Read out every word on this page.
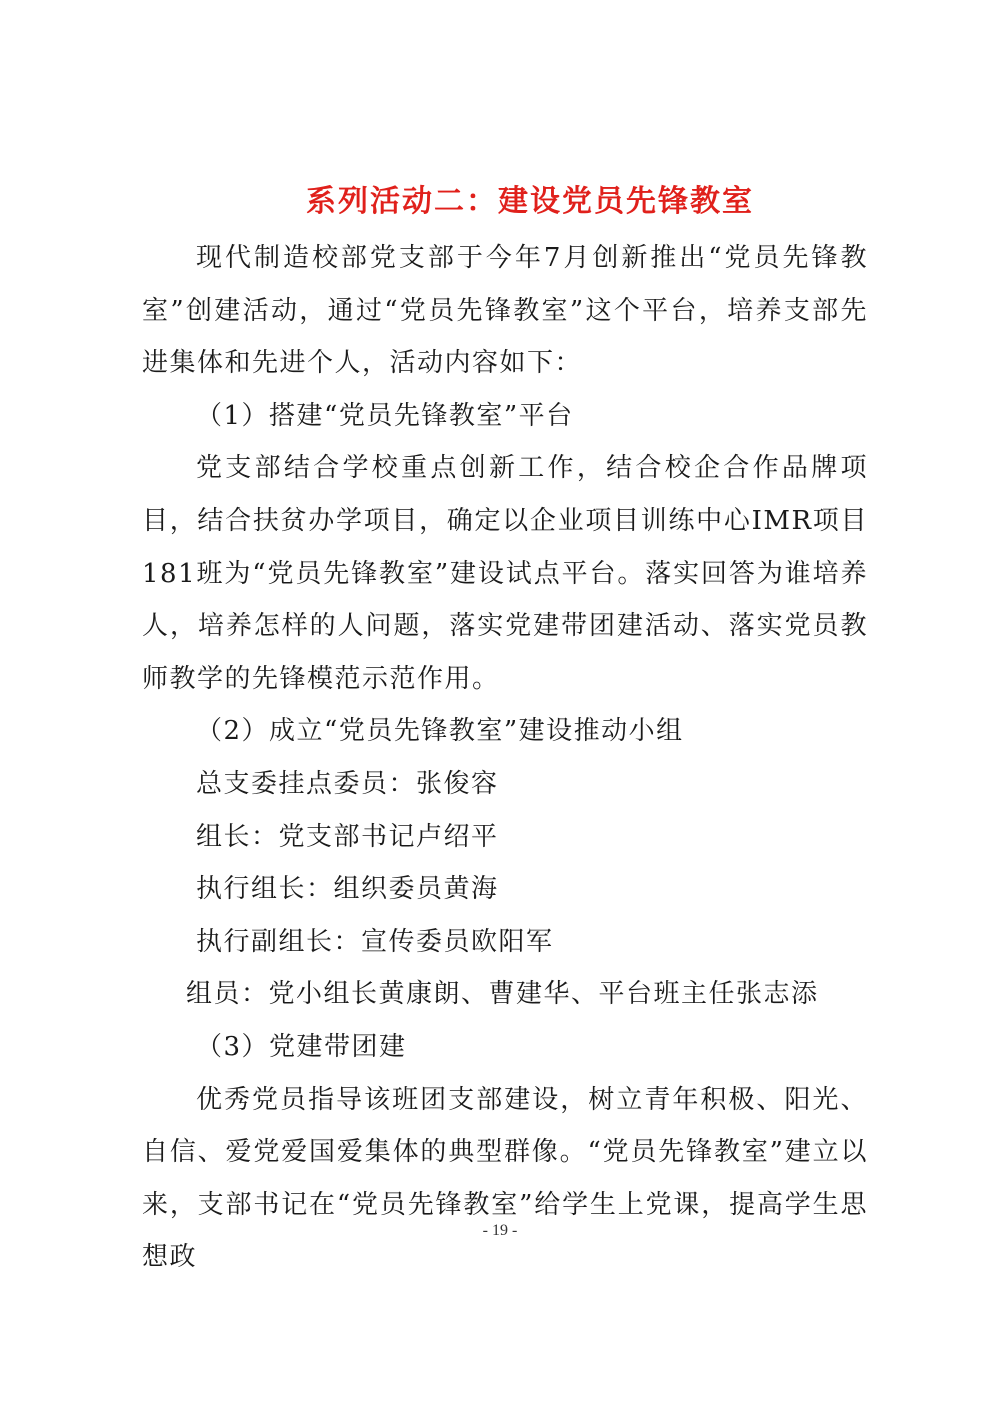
系列活动二：建设党员先锋教室

现代制造校部党支部于今年7月创新推出“党员先锋教室”创建活动，通过“党员先锋教室”这个平台，培养支部先进集体和先进个人，活动内容如下：

（1）搭建“党员先锋教室”平台

党支部结合学校重点创新工作，结合校企合作品牌项目，结合扶贫办学项目，确定以企业项目训练中心IMR项目181班为“党员先锋教室”建设试点平台。落实回答为谁培养人，培养怎样的人问题，落实党建带团建活动、落实党员教师教学的先锋模范示范作用。

（2）成立“党员先锋教室”建设推动小组

总支委挂点委员：张俊容

组长：党支部书记卢绍平

执行组长：组织委员黄海

执行副组长：宣传委员欧阳军

组员：党小组长黄康朗、曹建华、平台班主任张志添

（3）党建带团建

优秀党员指导该班团支部建设，树立青年积极、阳光、自信、爱党爱国爱集体的典型群像。“党员先锋教室”建立以来，支部书记在“党员先锋教室”给学生上党课，提高学生思想政

- 19 -
